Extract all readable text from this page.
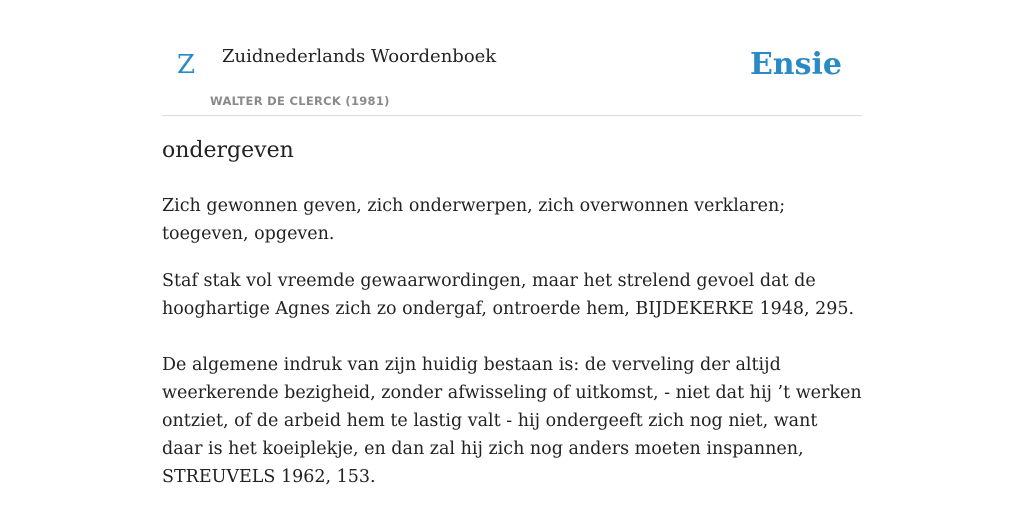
Z Zuidnederlands Woordenboek
WALTER DE CLERCK (1981)
Ensie
ondergeven

Zich gewonnen geven, zich onderwerpen, zich overwonnen verklaren; toegeven, opgeven.

Staf stak vol vreemde gewaarwordingen, maar het strelend gevoel dat de hooghartige Agnes zich zo ondergaf, ontroerde hem, BIJDEKERKE 1948, 295.

De algemene indruk van zijn huidig bestaan is: de verveling der altijd weerkerende bezigheid, zonder afwisseling of uitkomst, - niet dat hij ’t werken ontziet, of de arbeid hem te lastig valt - hij ondergeeft zich nog niet, want daar is het koeiplekje, en dan zal hij zich nog anders moeten inspannen, STREUVELS 1962, 153.
